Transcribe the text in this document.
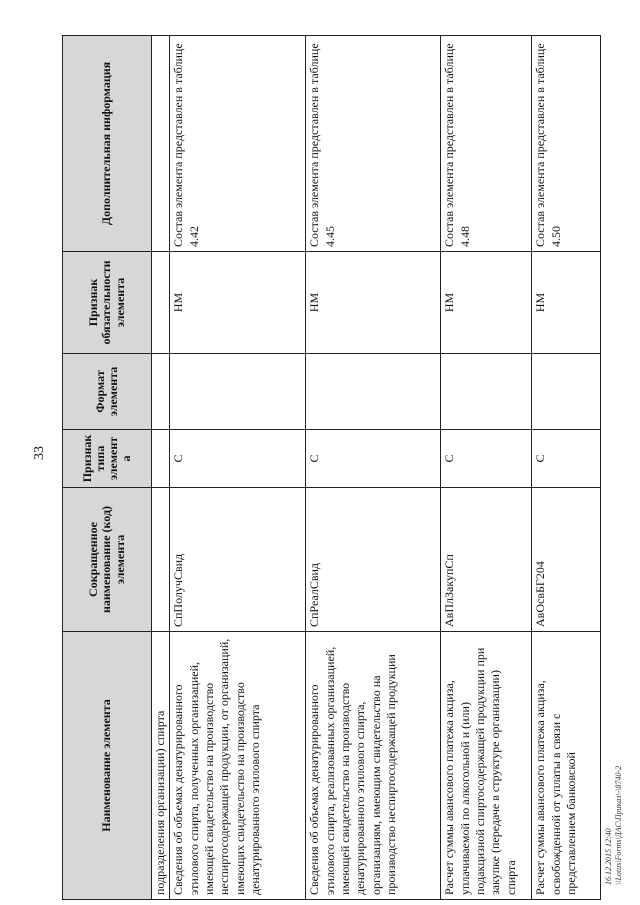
33
Наименование элемента	Сокращенное наименование (код) элемента	Признак типа элемента	Формат элемента	Признак обязательности элемента	Дополнительная информация
подразделения организации) спирта					
Сведения об объемах денатурированного этилового спирта, полученных организацией, имеющей свидетельство на производство неспиртосодержащей продукции, от организаций, имеющих свидетельство на производство денатурированного этилового спирта	СпПолучСвид	С		НМ	Состав элемента представлен в таблице 4.42
Сведения об объемах денатурированного этилового спирта, реализованных организацией, имеющей свидетельство на производство денатурированного этилового спирта, организациям, имеющим свидетельство на производство неспиртосодержащей продукции	СпРеалСвид	С		НМ	Состав элемента представлен в таблице 4.45
Расчет суммы авансового платежа акциза, уплачиваемой по алкогольной и (или) подакцизной спиртосодержащей продукции при закупке (передаче в структуре организации) спирта	АвПлЗакупСп	С		НМ	Состав элемента представлен в таблице 4.48
Расчет суммы авансового платежа акциза, освобожденной от уплаты в связи с представлением банковской	АвОсвБГ204	С		НМ	Состав элемента представлен в таблице 4.50
16.12.2015 12:40 \\Lotus\Forms\ДАС\Приказ\-\8740-2
